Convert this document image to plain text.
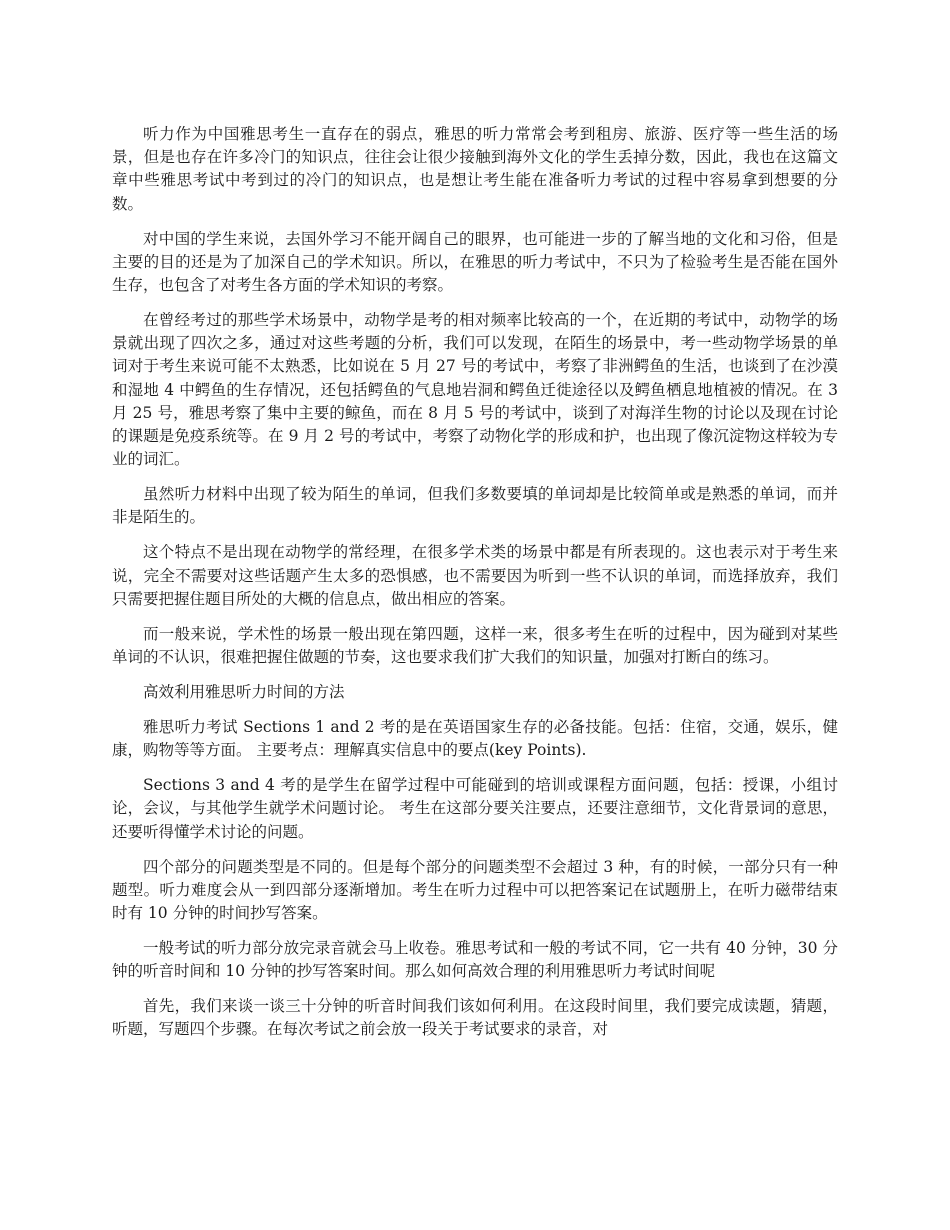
听力作为中国雅思考生一直存在的弱点，雅思的听力常常会考到租房、旅游、医疗等一些生活的场景，但是也存在许多冷门的知识点，往往会让很少接触到海外文化的学生丢掉分数，因此，我也在这篇文章中些雅思考试中考到过的冷门的知识点，也是想让考生能在准备听力考试的过程中容易拿到想要的分数。

对中国的学生来说，去国外学习不能开阔自己的眼界，也可能进一步的了解当地的文化和习俗，但是主要的目的还是为了加深自己的学术知识。所以，在雅思的听力考试中，不只为了检验考生是否能在国外生存，也包含了对考生各方面的学术知识的考察。

在曾经考过的那些学术场景中，动物学是考的相对频率比较高的一个，在近期的考试中，动物学的场景就出现了四次之多，通过对这些考题的分析，我们可以发现，在陌生的场景中，考一些动物学场景的单词对于考生来说可能不太熟悉，比如说在 5 月 27 号的考试中，考察了非洲鳄鱼的生活，也谈到了在沙漠和湿地 4 中鳄鱼的生存情况，还包括鳄鱼的气息地岩洞和鳄鱼迁徙途径以及鳄鱼栖息地植被的情况。在 3 月 25 号，雅思考察了集中主要的鲸鱼，而在 8 月 5 号的考试中，谈到了对海洋生物的讨论以及现在讨论的课题是免疫系统等。在 9 月 2 号的考试中，考察了动物化学的形成和护，也出现了像沉淀物这样较为专业的词汇。

虽然听力材料中出现了较为陌生的单词，但我们多数要填的单词却是比较简单或是熟悉的单词，而并非是陌生的。

这个特点不是出现在动物学的常经理，在很多学术类的场景中都是有所表现的。这也表示对于考生来说，完全不需要对这些话题产生太多的恐惧感，也不需要因为听到一些不认识的单词，而选择放弃，我们只需要把握住题目所处的大概的信息点，做出相应的答案。

而一般来说，学术性的场景一般出现在第四题，这样一来，很多考生在听的过程中，因为碰到对某些单词的不认识，很难把握住做题的节奏，这也要求我们扩大我们的知识量，加强对打断白的练习。

高效利用雅思听力时间的方法

雅思听力考试 Sections 1 and 2 考的是在英语国家生存的必备技能。包括：住宿，交通，娱乐，健康，购物等等方面。 主要考点：理解真实信息中的要点(key Points).

Sections 3 and 4 考的是学生在留学过程中可能碰到的培训或课程方面问题，包括：授课，小组讨论，会议，与其他学生就学术问题讨论。 考生在这部分要关注要点，还要注意细节，文化背景词的意思，还要听得懂学术讨论的问题。

四个部分的问题类型是不同的。但是每个部分的问题类型不会超过 3 种，有的时候，一部分只有一种题型。听力难度会从一到四部分逐渐增加。考生在听力过程中可以把答案记在试题册上，在听力磁带结束时有 10 分钟的时间抄写答案。

一般考试的听力部分放完录音就会马上收卷。雅思考试和一般的考试不同，它一共有 40 分钟，30 分钟的听音时间和 10 分钟的抄写答案时间。那么如何高效合理的利用雅思听力考试时间呢

首先，我们来谈一谈三十分钟的听音时间我们该如何利用。在这段时间里，我们要完成读题，猜题，听题，写题四个步骤。在每次考试之前会放一段关于考试要求的录音，对
